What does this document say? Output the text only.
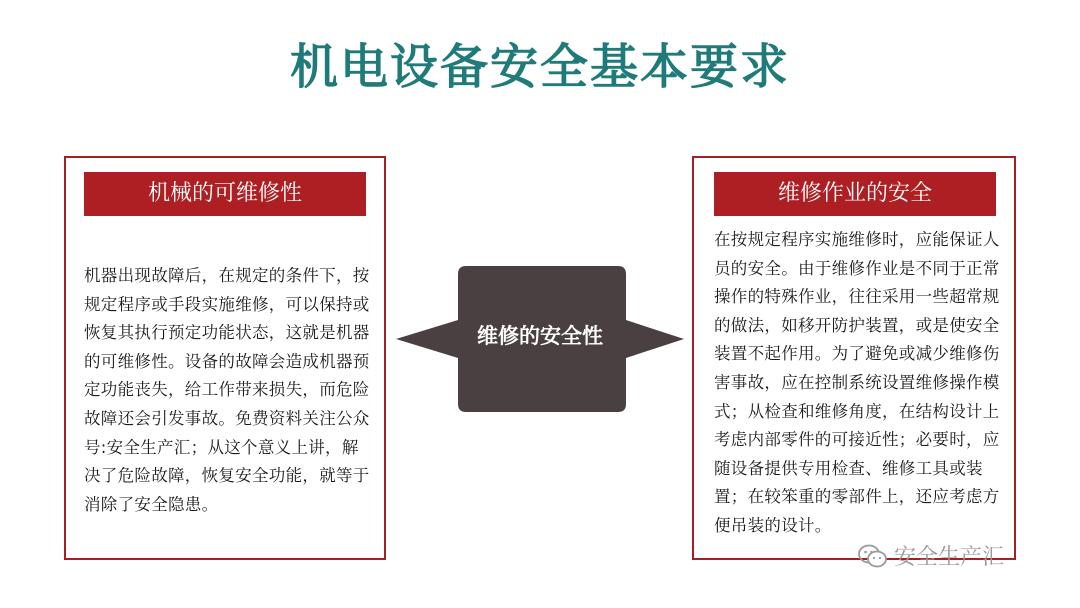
机电设备安全基本要求
机械的可维修性
机器出现故障后，在规定的条件下，按规定程序或手段实施维修，可以保持或恢复其执行预定功能状态，这就是机器的可维修性。设备的故障会造成机器预定功能丧失，给工作带来损失，而危险故障还会引发事故。免费资料关注公众号:安全生产汇；从这个意义上讲，解决了危险故障，恢复安全功能，就等于消除了安全隐患。
维修的安全性
维修作业的安全
在按规定程序实施维修时，应能保证人员的安全。由于维修作业是不同于正常操作的特殊作业，往往采用一些超常规的做法，如移开防护装置，或是使安全装置不起作用。为了避免或减少维修伤害事故，应在控制系统设置维修操作模式；从检查和维修角度，在结构设计上考虑内部零件的可接近性；必要时，应随设备提供专用检查、维修工具或装置；在较笨重的零部件上，还应考虑方便吊装的设计。
安全生产汇
